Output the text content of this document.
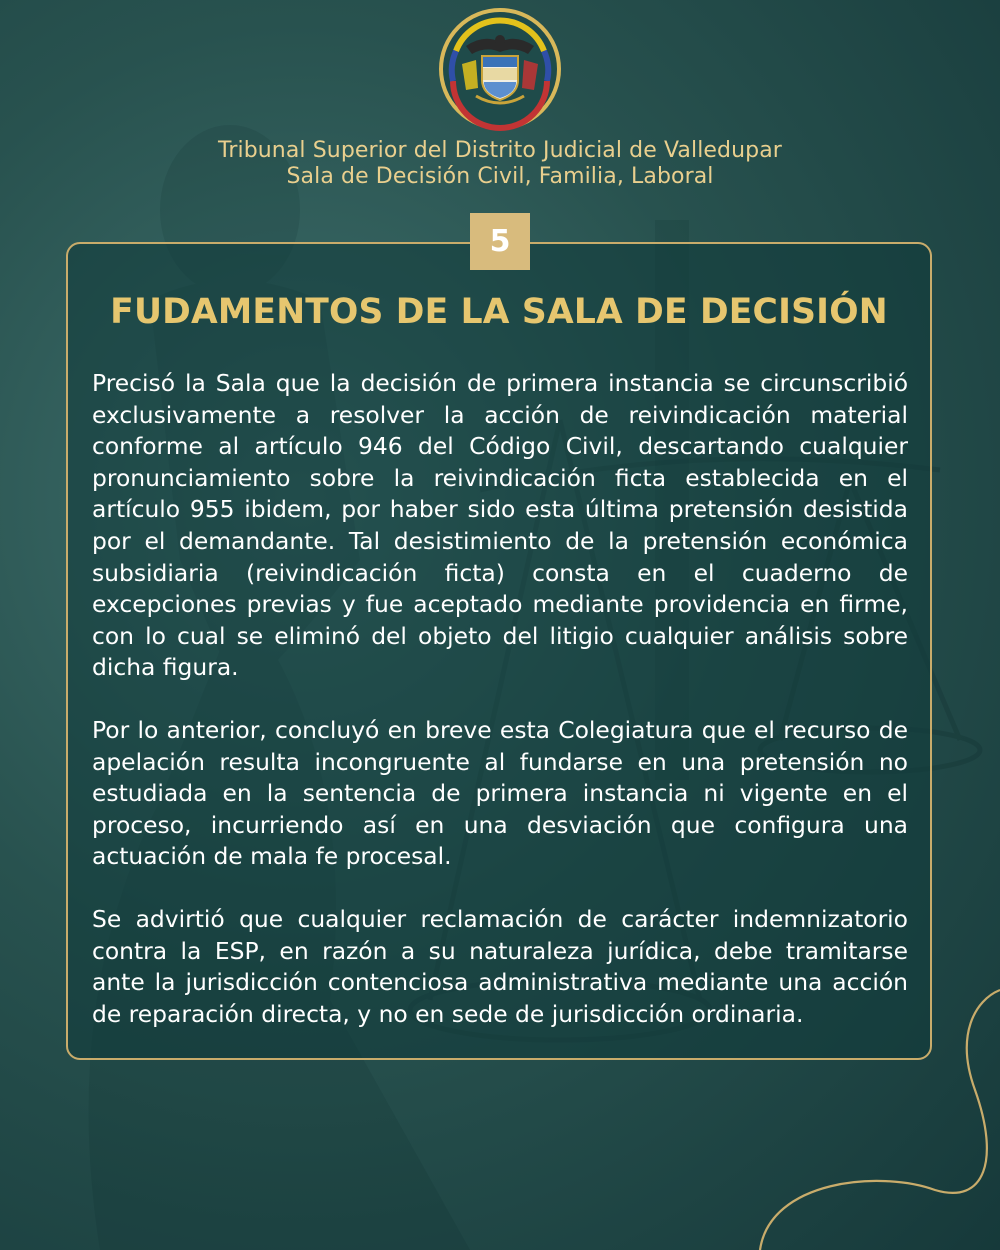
Tribunal Superior del Distrito Judicial de Valledupar
Sala de Decisión Civil, Familia, Laboral
5
FUDAMENTOS DE LA SALA DE DECISIÓN

Precisó la Sala que la decisión de primera instancia se circunscribió exclusivamente a resolver la acción de reivindicación material conforme al artículo 946 del Código Civil, descartando cualquier pronunciamiento sobre la reivindicación ficta establecida en el artículo 955 ibidem, por haber sido esta última pretensión desistida por el demandante. Tal desistimiento de la pretensión económica subsidiaria (reivindicación ficta) consta en el cuaderno de excepciones previas y fue aceptado mediante providencia en firme, con lo cual se eliminó del objeto del litigio cualquier análisis sobre dicha figura.

Por lo anterior, concluyó en breve esta Colegiatura que el recurso de apelación resulta incongruente al fundarse en una pretensión no estudiada en la sentencia de primera instancia ni vigente en el proceso, incurriendo así en una desviación que configura una actuación de mala fe procesal.

Se advirtió que cualquier reclamación de carácter indemnizatorio contra la ESP, en razón a su naturaleza jurídica, debe tramitarse ante la jurisdicción contenciosa administrativa mediante una acción de reparación directa, y no en sede de jurisdicción ordinaria.
